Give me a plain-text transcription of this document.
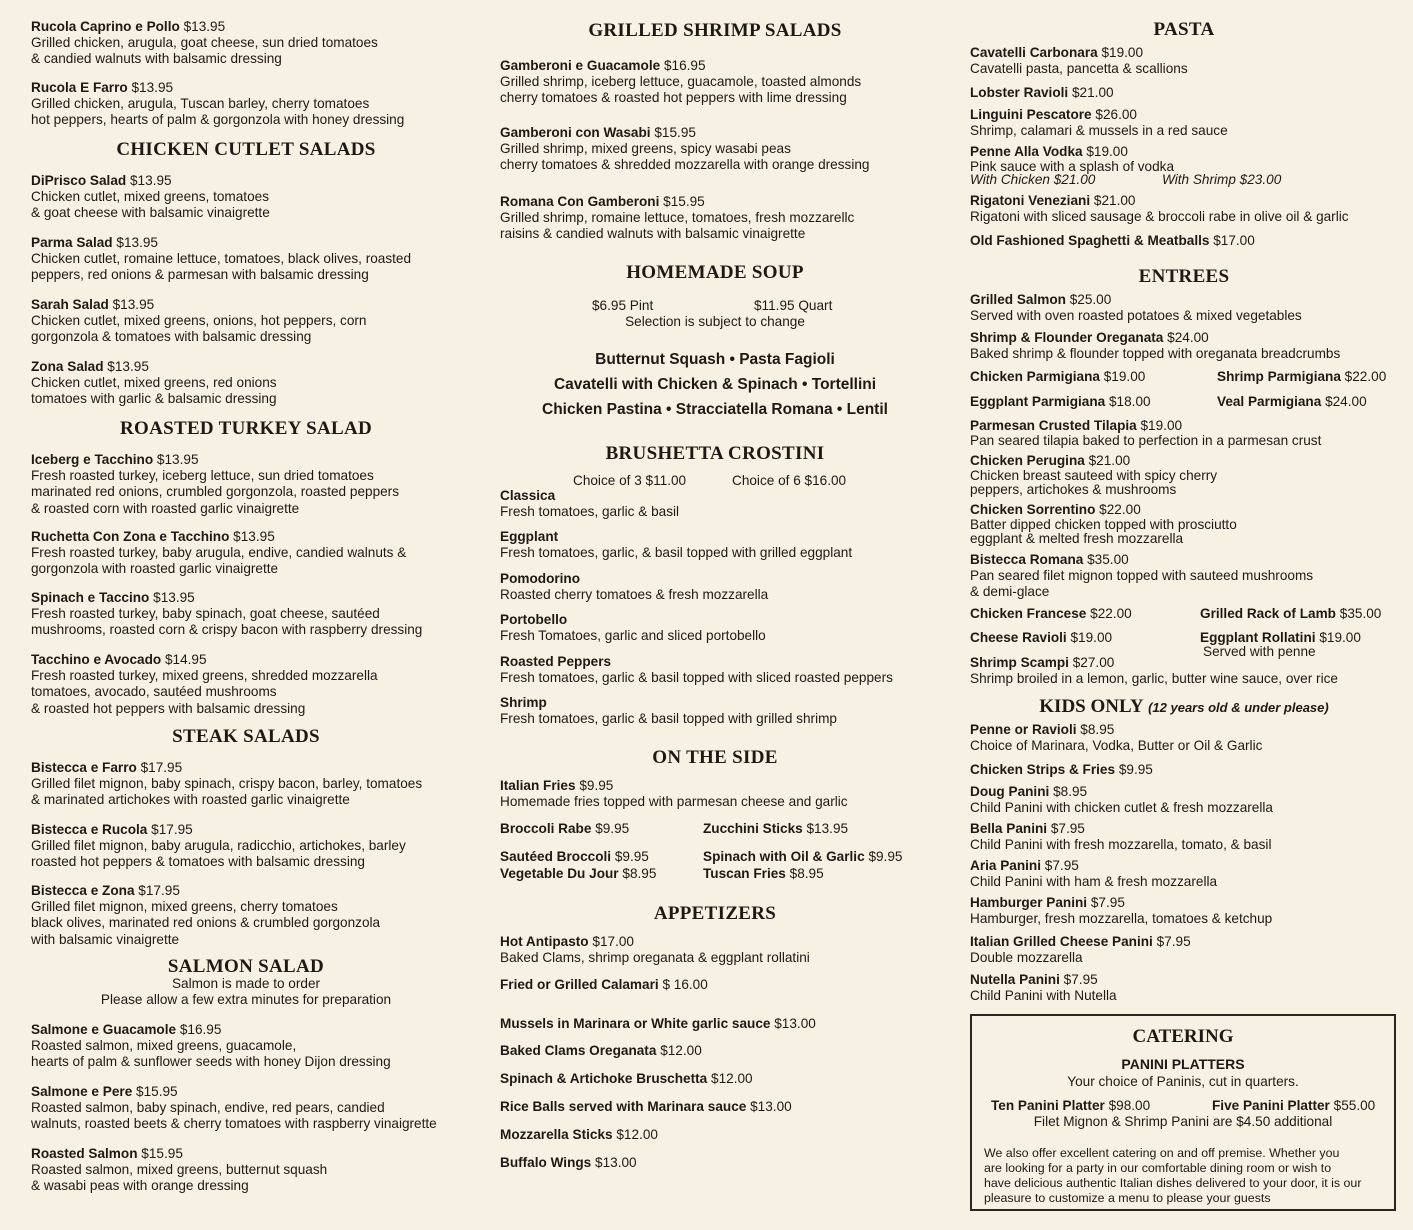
Rucola Caprino e Pollo $13.95
Grilled chicken, arugula, goat cheese, sun dried tomatoes
& candied walnuts with balsamic dressing
Rucola E Farro $13.95
Grilled chicken, arugula, Tuscan barley, cherry tomatoes
hot peppers, hearts of palm & gorgonzola with honey dressing
CHICKEN CUTLET SALADS
DiPrisco Salad $13.95
Chicken cutlet, mixed greens, tomatoes
& goat cheese with balsamic vinaigrette
Parma Salad $13.95
Chicken cutlet, romaine lettuce, tomatoes, black olives, roasted
peppers, red onions & parmesan with balsamic dressing
Sarah Salad $13.95
Chicken cutlet, mixed greens, onions, hot peppers, corn
gorgonzola & tomatoes with balsamic dressing
Zona Salad $13.95
Chicken cutlet, mixed greens, red onions
tomatoes with garlic & balsamic dressing
ROASTED TURKEY SALAD
Iceberg e Tacchino $13.95
Fresh roasted turkey, iceberg lettuce, sun dried tomatoes
marinated red onions, crumbled gorgonzola, roasted peppers
& roasted corn with roasted garlic vinaigrette
Ruchetta Con Zona e Tacchino $13.95
Fresh roasted turkey, baby arugula, endive, candied walnuts &
gorgonzola with roasted garlic vinaigrette
Spinach e Taccino $13.95
Fresh roasted turkey, baby spinach, goat cheese, sautéed
mushrooms, roasted corn & crispy bacon with raspberry dressing
Tacchino e Avocado $14.95
Fresh roasted turkey, mixed greens, shredded mozzarella
tomatoes, avocado, sautéed mushrooms
& roasted hot peppers with balsamic dressing
STEAK SALADS
Bistecca e Farro $17.95
Grilled filet mignon, baby spinach, crispy bacon, barley, tomatoes
& marinated artichokes with roasted garlic vinaigrette
Bistecca e Rucola $17.95
Grilled filet mignon, baby arugula, radicchio, artichokes, barley
roasted hot peppers & tomatoes with balsamic dressing
Bistecca e Zona $17.95
Grilled filet mignon, mixed greens, cherry tomatoes
black olives, marinated red onions & crumbled gorgonzola
with balsamic vinaigrette
SALMON SALAD
Salmon is made to order
Please allow a few extra minutes for preparation
Salmone e Guacamole $16.95
Roasted salmon, mixed greens, guacamole,
hearts of palm & sunflower seeds with honey Dijon dressing
Salmone e Pere $15.95
Roasted salmon, baby spinach, endive, red pears, candied
walnuts, roasted beets & cherry tomatoes with raspberry vinaigrette
Roasted Salmon $15.95
Roasted salmon, mixed greens, butternut squash
& wasabi peas with orange dressing
GRILLED SHRIMP SALADS
Gamberoni e Guacamole $16.95
Grilled shrimp, iceberg lettuce, guacamole, toasted almonds
cherry tomatoes & roasted hot peppers with lime dressing
Gamberoni con Wasabi $15.95
Grilled shrimp, mixed greens, spicy wasabi peas
cherry tomatoes & shredded mozzarella with orange dressing
Romana Con Gamberoni $15.95
Grilled shrimp, romaine lettuce, tomatoes, fresh mozzarellc
raisins & candied walnuts with balsamic vinaigrette
HOMEMADE SOUP
$6.95 Pint	$11.95 Quart
Selection is subject to change
Butternut Squash • Pasta Fagioli
Cavatelli with Chicken & Spinach • Tortellini
Chicken Pastina • Stracciatella Romana • Lentil
BRUSHETTA CROSTINI
Choice of 3 $11.00	Choice of 6 $16.00
Classica
Fresh tomatoes, garlic & basil
Eggplant
Fresh tomatoes, garlic, & basil topped with grilled eggplant
Pomodorino
Roasted cherry tomatoes & fresh mozzarella
Portobello
Fresh Tomatoes, garlic and sliced portobello
Roasted Peppers
Fresh tomatoes, garlic & basil topped with sliced roasted peppers
Shrimp
Fresh tomatoes, garlic & basil topped with grilled shrimp
ON THE SIDE
Italian Fries $9.95
Homemade fries topped with parmesan cheese and garlic
Broccoli Rabe $9.95	Zucchini Sticks $13.95
Sautéed Broccoli $9.95	Spinach with Oil & Garlic $9.95
Vegetable Du Jour $8.95	Tuscan Fries $8.95
APPETIZERS
Hot Antipasto $17.00
Baked Clams, shrimp oreganata & eggplant rollatini
Fried or Grilled Calamari $ 16.00
Mussels in Marinara or White garlic sauce $13.00
Baked Clams Oreganata $12.00
Spinach & Artichoke Bruschetta $12.00
Rice Balls served with Marinara sauce $13.00
Mozzarella Sticks $12.00
Buffalo Wings $13.00
PASTA
Cavatelli Carbonara $19.00
Cavatelli pasta, pancetta & scallions
Lobster Ravioli $21.00
Linguini Pescatore $26.00
Shrimp, calamari & mussels in a red sauce
Penne Alla Vodka $19.00
Pink sauce with a splash of vodka
With Chicken $21.00	With Shrimp $23.00
Rigatoni Veneziani $21.00
Rigatoni with sliced sausage & broccoli rabe in olive oil & garlic
Old Fashioned Spaghetti & Meatballs $17.00
ENTREES
Grilled Salmon $25.00
Served with oven roasted potatoes & mixed vegetables
Shrimp & Flounder Oreganata $24.00
Baked shrimp & flounder topped with oreganata breadcrumbs
Chicken Parmigiana $19.00	Shrimp Parmigiana $22.00
Eggplant Parmigiana $18.00	Veal Parmigiana $24.00
Parmesan Crusted Tilapia $19.00
Pan seared tilapia baked to perfection in a parmesan crust
Chicken Perugina $21.00
Chicken breast sauteed with spicy cherry
peppers, artichokes & mushrooms
Chicken Sorrentino $22.00
Batter dipped chicken topped with prosciutto
eggplant & melted fresh mozzarella
Bistecca Romana $35.00
Pan seared filet mignon topped with sauteed mushrooms
& demi-glace
Chicken Francese $22.00	Grilled Rack of Lamb $35.00
Cheese Ravioli $19.00	Eggplant Rollatini $19.00
Served with penne
Shrimp Scampi $27.00
Shrimp broiled in a lemon, garlic, butter wine sauce, over rice
KIDS ONLY (12 years old & under please)
Penne or Ravioli $8.95
Choice of Marinara, Vodka, Butter or Oil & Garlic
Chicken Strips & Fries $9.95
Doug Panini $8.95
Child Panini with chicken cutlet & fresh mozzarella
Bella Panini $7.95
Child Panini with fresh mozzarella, tomato, & basil
Aria Panini $7.95
Child Panini with ham & fresh mozzarella
Hamburger Panini $7.95
Hamburger, fresh mozzarella, tomatoes & ketchup
Italian Grilled Cheese Panini $7.95
Double mozzarella
Nutella Panini $7.95
Child Panini with Nutella
CATERING
PANINI PLATTERS
Your choice of Paninis, cut in quarters.
Ten Panini Platter $98.00	Five Panini Platter $55.00
Filet Mignon & Shrimp Panini are $4.50 additional
We also offer excellent catering on and off premise. Whether you
are looking for a party in our comfortable dining room or wish to
have delicious authentic Italian dishes delivered to your door, it is our
pleasure to customize a menu to please your guests
